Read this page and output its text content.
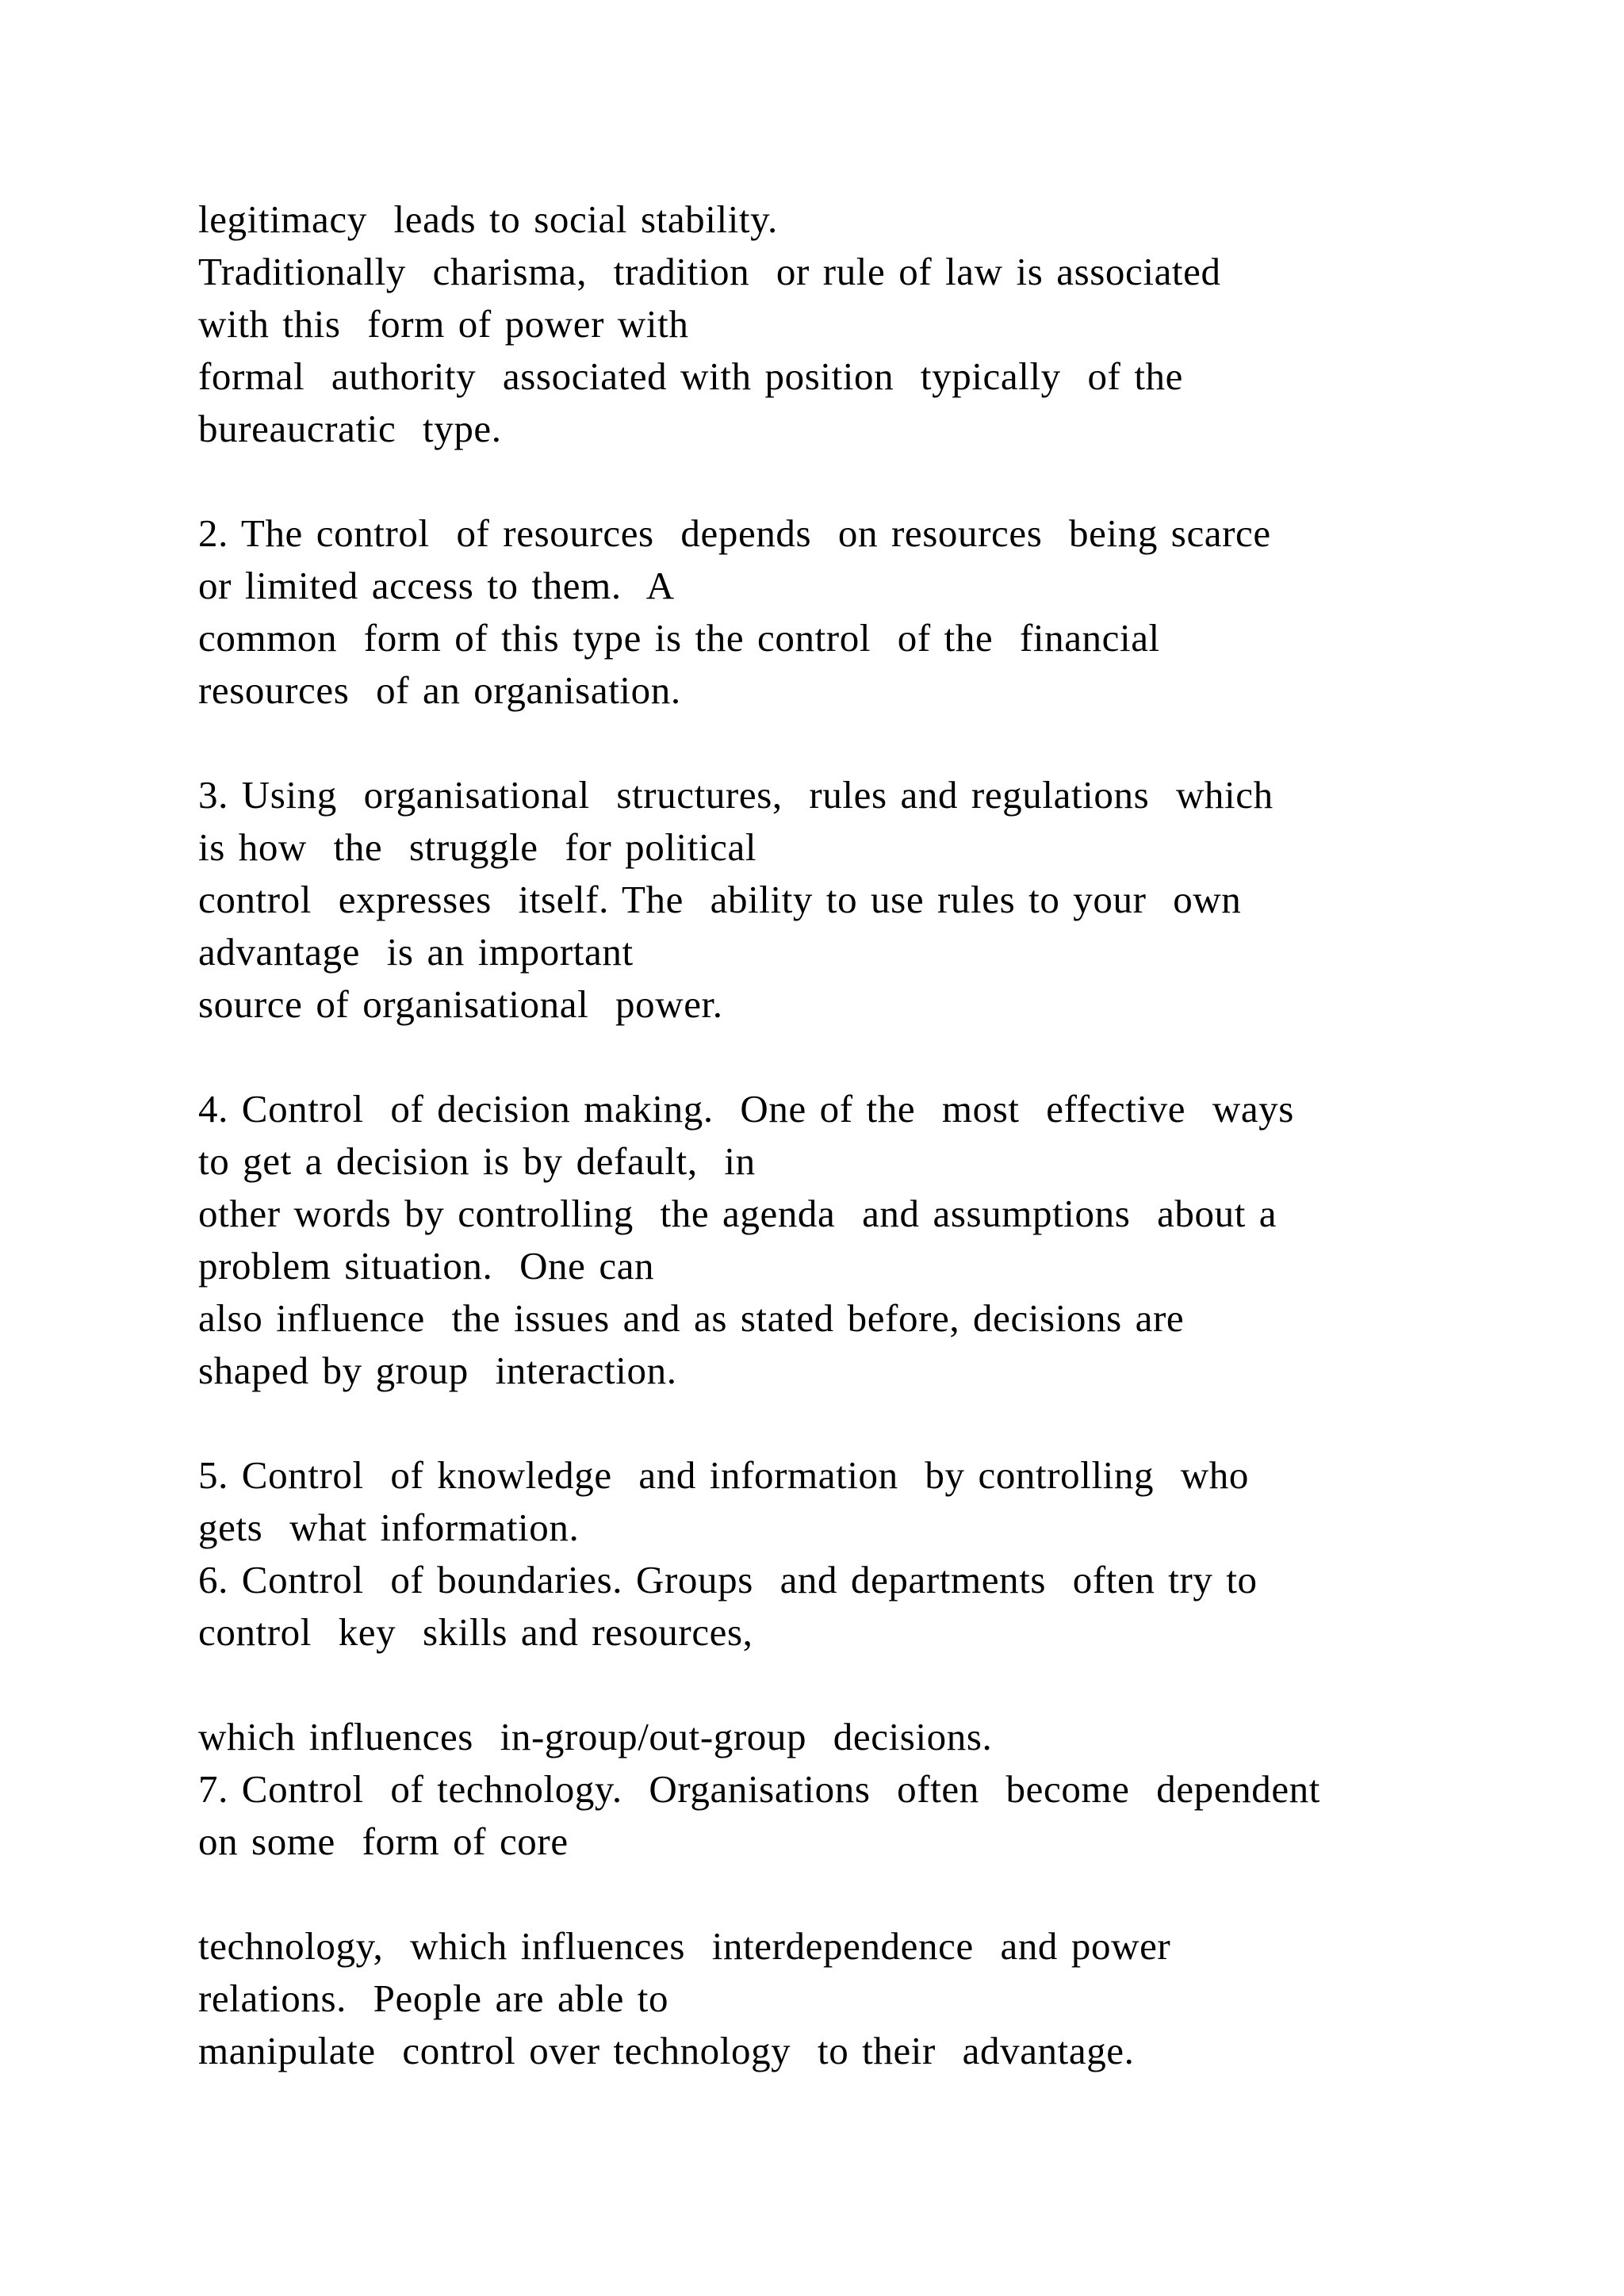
legitimacy  leads to social stability.
Traditionally  charisma,  tradition  or rule of law is associated
with this  form of power with
formal  authority  associated with position  typically  of the
bureaucratic  type.
2. The control  of resources  depends  on resources  being scarce
or limited access to them.  A
common  form of this type is the control  of the  financial
resources  of an organisation.
3. Using  organisational  structures,  rules and regulations  which
is how  the  struggle  for political
control  expresses  itself. The  ability to use rules to your  own
advantage  is an important
source of organisational  power.
4. Control  of decision making.  One of the  most  effective  ways
to get a decision is by default,  in
other words by controlling  the agenda  and assumptions  about a
problem situation.  One can
also influence  the issues and as stated before, decisions are
shaped by group  interaction.
5. Control  of knowledge  and information  by controlling  who
gets  what information.
6. Control  of boundaries. Groups  and departments  often try to
control  key  skills and resources,
which influences  in-group/out-group  decisions.
7. Control  of technology.  Organisations  often  become  dependent
on some  form of core
technology,  which influences  interdependence  and power
relations.  People are able to
manipulate  control over technology  to their  advantage.
